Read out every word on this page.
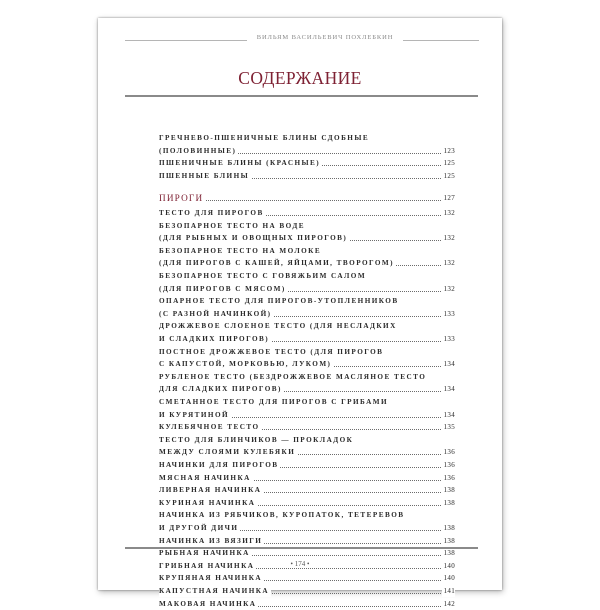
ВИЛЬЯМ ВАСИЛЬЕВИЧ ПОХЛЕБКИН
СОДЕРЖАНИЕ
ГРЕЧНЕВО-ПШЕНИЧНЫЕ БЛИНЫ СДОБНЫЕ
(ПОЛОВИННЫЕ)	123
ПШЕНИЧНЫЕ БЛИНЫ (КРАСНЫЕ)	125
ПШЕННЫЕ БЛИНЫ	125
ПИРОГИ	127
ТЕСТО ДЛЯ ПИРОГОВ	132
БЕЗОПАРНОЕ ТЕСТО НА ВОДЕ
(ДЛЯ РЫБНЫХ И ОВОЩНЫХ ПИРОГОВ)	132
БЕЗОПАРНОЕ ТЕСТО НА МОЛОКЕ
(ДЛЯ ПИРОГОВ С КАШЕЙ, ЯЙЦАМИ, ТВОРОГОМ)	132
БЕЗОПАРНОЕ ТЕСТО С ГОВЯЖЬИМ САЛОМ
(ДЛЯ ПИРОГОВ С МЯСОМ)	132
ОПАРНОЕ ТЕСТО ДЛЯ ПИРОГОВ-УТОПЛЕННИКОВ
(С РАЗНОЙ НАЧИНКОЙ)	133
ДРОЖЖЕВОЕ СЛОЕНОЕ ТЕСТО (ДЛЯ НЕСЛАДКИХ
И СЛАДКИХ ПИРОГОВ)	133
ПОСТНОЕ ДРОЖЖЕВОЕ ТЕСТО (ДЛЯ ПИРОГОВ
С КАПУСТОЙ, МОРКОВЬЮ, ЛУКОМ)	134
РУБЛЕНОЕ ТЕСТО (БЕЗДРОЖЖЕВОЕ МАСЛЯНОЕ ТЕСТО
ДЛЯ СЛАДКИХ ПИРОГОВ)	134
СМЕТАННОЕ ТЕСТО ДЛЯ ПИРОГОВ С ГРИБАМИ
И КУРЯТИНОЙ	134
КУЛЕБЯЧНОЕ ТЕСТО	135
ТЕСТО ДЛЯ БЛИНЧИКОВ — ПРОКЛАДОК
МЕЖДУ СЛОЯМИ КУЛЕБЯКИ	136
НАЧИНКИ ДЛЯ ПИРОГОВ	136
МЯСНАЯ НАЧИНКА	136
ЛИВЕРНАЯ НАЧИНКА	138
КУРИНАЯ НАЧИНКА	138
НАЧИНКА ИЗ РЯБЧИКОВ, КУРОПАТОК, ТЕТЕРЕВОВ
И ДРУГОЙ ДИЧИ	138
НАЧИНКА ИЗ ВЯЗИГИ	138
РЫБНАЯ НАЧИНКА	138
ГРИБНАЯ НАЧИНКА	140
КРУПЯНАЯ НАЧИНКА	140
КАПУСТНАЯ НАЧИНКА	141
МАКОВАЯ НАЧИНКА	142
• 174 •
